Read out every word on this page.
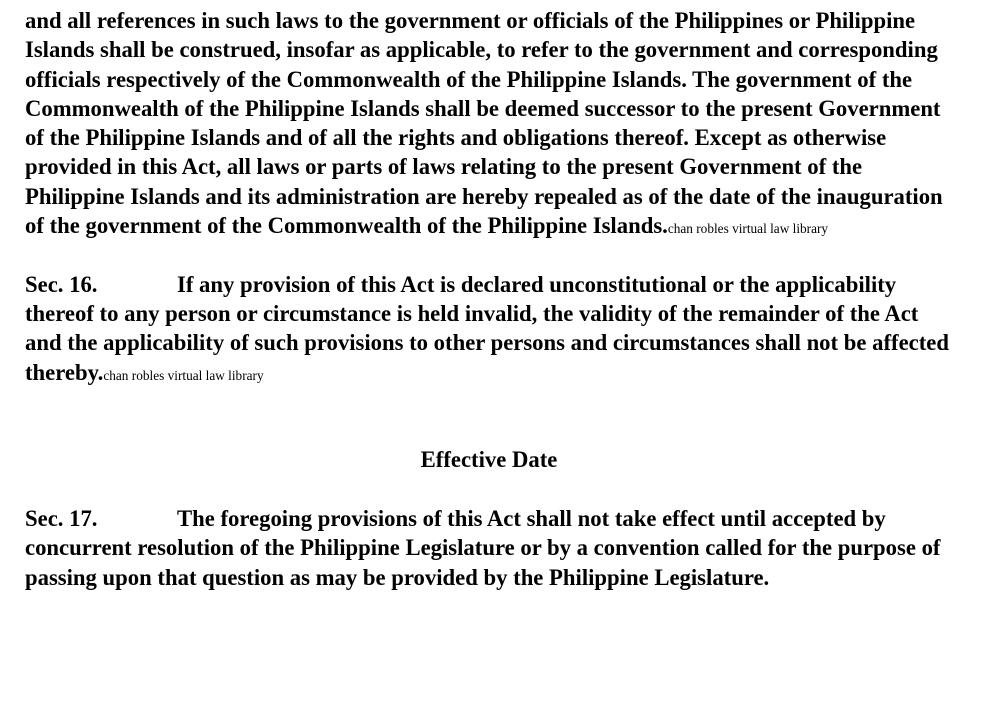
and all references in such laws to the government or officials of the Philippines or Philippine Islands shall be construed, insofar as applicable, to refer to the government and corresponding officials respectively of the Commonwealth of the Philippine Islands. The government of the Commonwealth of the Philippine Islands shall be deemed successor to the present Government of the Philippine Islands and of all the rights and obligations thereof. Except as otherwise provided in this Act, all laws or parts of laws relating to the present Government of the Philippine Islands and its administration are hereby repealed as of the date of the inauguration of the government of the Commonwealth of the Philippine Islands.chan robles virtual law library

Sec. 16.	If any provision of this Act is declared unconstitutional or the applicability thereof to any person or circumstance is held invalid, the validity of the remainder of the Act and the applicability of such provisions to other persons and circumstances shall not be affected thereby.chan robles virtual law library

Effective Date

Sec. 17.	The foregoing provisions of this Act shall not take effect until accepted by concurrent resolution of the Philippine Legislature or by a convention called for the purpose of passing upon that question as may be provided by the Philippine Legislature.
